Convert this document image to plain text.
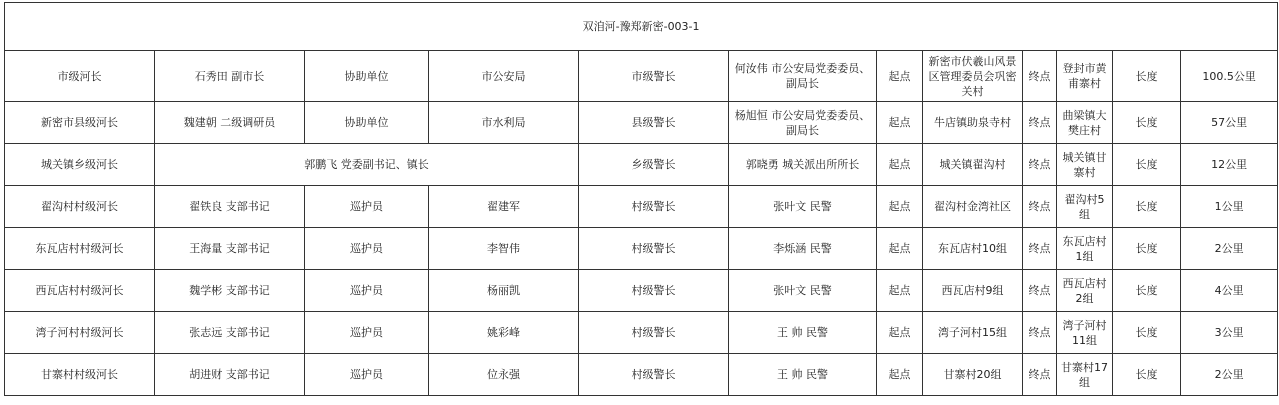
双洎河-豫郑新密-003-1											
市级河长	石秀田 副市长	协助单位	市公安局	市级警长	何汝伟 市公安局党委委员、副局长	起点	新密市伏羲山风景区管理委员会巩密关村	终点	登封市黄甫寨村	长度	100.5公里
新密市县级河长	魏建朝 二级调研员	协助单位	市水利局	县级警长	杨旭恒 市公安局党委委员、副局长	起点	牛店镇助泉寺村	终点	曲梁镇大樊庄村	长度	57公里
城关镇乡级河长	郭鹏飞 党委副书记、镇长			乡级警长	郭晓勇 城关派出所所长	起点	城关镇翟沟村	终点	城关镇甘寨村	长度	12公里
翟沟村村级河长	翟铁良 支部书记	巡护员	翟建军	村级警长	张叶文 民警	起点	翟沟村金湾社区	终点	翟沟村5组	长度	1公里
东瓦店村村级河长	王海量 支部书记	巡护员	李智伟	村级警长	李烁涵 民警	起点	东瓦店村10组	终点	东瓦店村1组	长度	2公里
西瓦店村村级河长	魏学彬 支部书记	巡护员	杨丽凯	村级警长	张叶文 民警	起点	西瓦店村9组	终点	西瓦店村2组	长度	4公里
湾子河村村级河长	张志远 支部书记	巡护员	姚彩峰	村级警长	王 帅 民警	起点	湾子河村15组	终点	湾子河村11组	长度	3公里
甘寨村村级河长	胡进财 支部书记	巡护员	位永强	村级警长	王 帅 民警	起点	甘寨村20组	终点	甘寨村17组	长度	2公里
